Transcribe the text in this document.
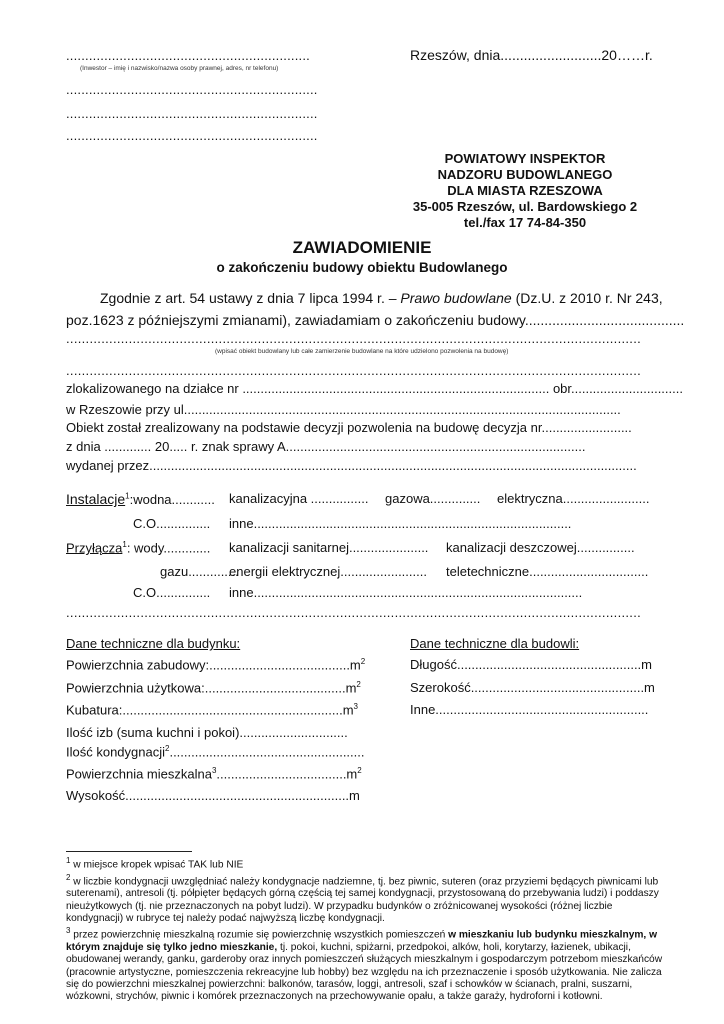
................................................................
(Inwestor – imię i nazwisko/nazwa osoby prawnej, adres, nr telefonu)
..................................................................
..................................................................
..................................................................
Rzeszów, dnia..........................20……r.
POWIATOWY INSPEKTOR
NADZORU BUDOWLANEGO
DLA MIASTA RZESZOWA
35-005 Rzeszów, ul. Bardowskiego 2
tel./fax 17 74-84-350
ZAWIADOMIENIE
o zakończeniu budowy obiektu Budowlanego
Zgodnie z art. 54 ustawy z dnia 7 lipca 1994 r. – Prawo budowlane (Dz.U. z 2010 r. Nr 243,
poz.1623 z późniejszymi zmianami), zawiadamiam o zakończeniu budowy.........................................
...................................................................................................................................................
(wpisać obiekt budowlany lub całe zamierzenie budowlane na które udzielono pozwolenia na budowę)
...................................................................................................................................................
zlokalizowanego na działce nr ..................................................................................... obr...............................
w Rzeszowie przy ul.........................................................................................................................
Obiekt został zrealizowany na podstawie decyzji pozwolenia na budowę decyzja nr.........................
z dnia ............. 20..... r. znak sprawy A...................................................................................
wydanej przez.......................................................................................................................................
Instalacje$^1$:wodna............ kanalizacyjna ................ gazowa.............. elektryczna........................
C.O............... inne........................................................................................
Przyłącza$^1$: wody............. kanalizacji sanitarnej...................... kanalizacji deszczowej................
gazu..............
energii elektrycznej........................ teletechniczne.................................
C.O............... inne...........................................................................................
...................................................................................................................................................
Dane techniczne dla budynku:
Powierzchnia $zabudowy:.......................................m^2$
Powierzchnia $użytkowa:.......................................m^2$
$Kubatura:.............................................................m^3$
Ilość izb (suma kuchni i pokoi)..............................
Ilość kondygnacji$^2$......................................................
Powierzchnia $mieszkalna^3....................................m^2$
Wysokość..............................................................m
Dane techniczne dla budowli:
Długość...................................................m
Szerokość................................................m
Inne...........................................................
$^1$ w miejsce kropek wpisać TAK lub NIE
$^2$ w liczbie kondygnacji uwzględniać należy kondygnacje nadziemne, tj. bez piwnic, suteren (oraz przyziemi będących piwnicami lub suterenami), antresoli (tj. półpięter będących górną częścią tej samej kondygnacji, przystosowaną do przebywania ludzi) i poddaszy nieużytkowych (tj. nie przeznaczonych na pobyt ludzi). W przypadku budynków o zróżnicowanej wysokości (różnej liczbie kondygnacji) w rubryce tej należy podać najwyższą liczbę kondygnacji.
$^3$ przez powierzchnię mieszkalną rozumie się powierzchnię wszystkich pomieszczeń w mieszkaniu lub budynku mieszkalnym, w którym znajduje się tylko jedno mieszkanie, tj. pokoi, kuchni, spiżarni, przedpokoi, alków, holi, korytarzy, łazienek, ubikacji, obudowanej werandy, ganku, garderoby oraz innych pomieszczeń służących mieszkalnym i gospodarczym potrzebom mieszkańców (pracownie artystyczne, pomieszczenia rekreacyjne lub hobby) bez względu na ich przeznaczenie i sposób użytkowania. Nie zalicza się do powierzchni mieszkalnej powierzchni: balkonów, tarasów, loggi, antresoli, szaf i schowków w ścianach, pralni, suszarni, wózkowni, strychów, piwnic i komórek przeznaczonych na przechowywanie opału, a także garaży, hydroforni i kotłowni.
